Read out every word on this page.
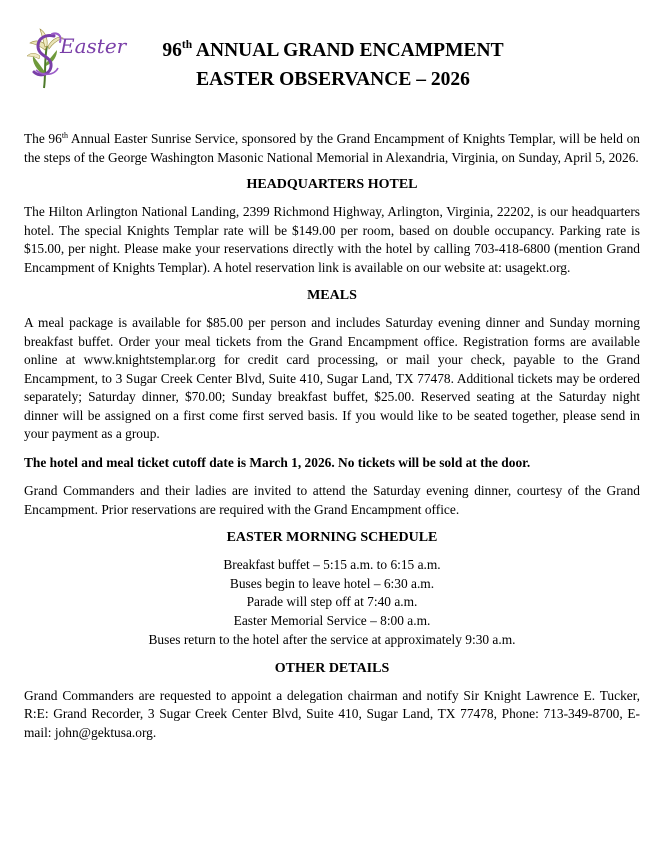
Easter	96th ANNUAL GRAND ENCAMPMENT
EASTER OBSERVANCE – 2026

The 96th Annual Easter Sunrise Service, sponsored by the Grand Encampment of Knights Templar, will be held on the steps of the George Washington Masonic National Memorial in Alexandria, Virginia, on Sunday, April 5, 2026.

HEADQUARTERS HOTEL

The Hilton Arlington National Landing, 2399 Richmond Highway, Arlington, Virginia, 22202, is our headquarters hotel. The special Knights Templar rate will be $149.00 per room, based on double occupancy. Parking rate is $15.00, per night. Please make your reservations directly with the hotel by calling 703-418-6800 (mention Grand Encampment of Knights Templar). A hotel reservation link is available on our website at: usagekt.org.

MEALS

A meal package is available for $85.00 per person and includes Saturday evening dinner and Sunday morning breakfast buffet. Order your meal tickets from the Grand Encampment office. Registration forms are available online at www.knightstemplar.org for credit card processing, or mail your check, payable to the Grand Encampment, to 3 Sugar Creek Center Blvd, Suite 410, Sugar Land, TX 77478. Additional tickets may be ordered separately; Saturday dinner, $70.00; Sunday breakfast buffet, $25.00. Reserved seating at the Saturday night dinner will be assigned on a first come first served basis. If you would like to be seated together, please send in your payment as a group.

The hotel and meal ticket cutoff date is March 1, 2026. No tickets will be sold at the door.

Grand Commanders and their ladies are invited to attend the Saturday evening dinner, courtesy of the Grand Encampment. Prior reservations are required with the Grand Encampment office.

EASTER MORNING SCHEDULE
Breakfast buffet – 5:15 a.m. to 6:15 a.m.
Buses begin to leave hotel – 6:30 a.m.
Parade will step off at 7:40 a.m.
Easter Memorial Service – 8:00 a.m.
Buses return to the hotel after the service at approximately 9:30 a.m.
OTHER DETAILS

Grand Commanders are requested to appoint a delegation chairman and notify Sir Knight Lawrence E. Tucker, R:E: Grand Recorder, 3 Sugar Creek Center Blvd, Suite 410, Sugar Land, TX 77478, Phone: 713-349-8700, E-mail: john@gektusa.org.
